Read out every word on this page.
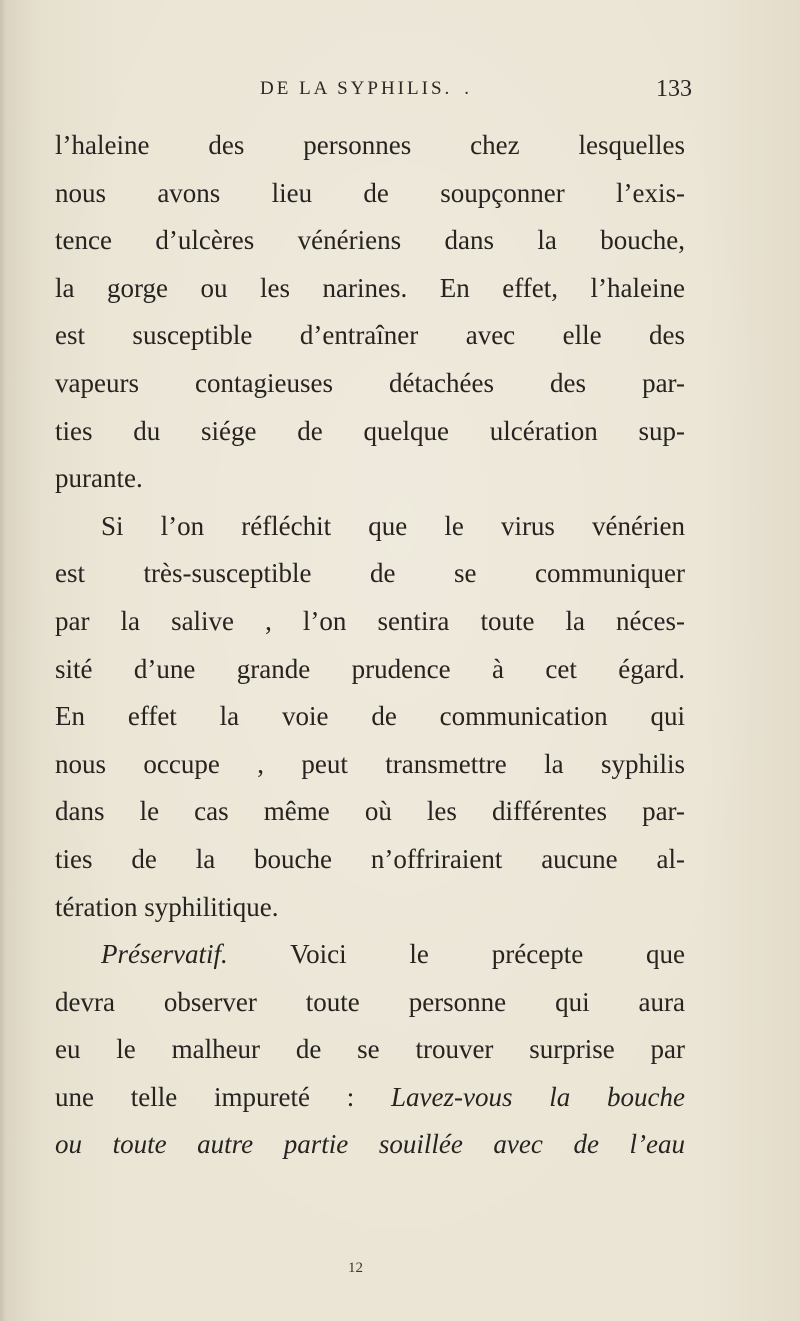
DE LA SYPHILIS. .	133
l’haleine des personnes chez lesquelles
nous avons lieu de soupçonner l’exis-
tence d’ulcères vénériens dans la bouche,
la gorge ou les narines. En effet, l’haleine
est susceptible d’entraîner avec elle des
vapeurs contagieuses détachées des par-
ties du siége de quelque ulcération sup-
purante.
Si l’on réfléchit que le virus vénérien
est très-susceptible de se communiquer
par la salive , l’on sentira toute la néces-
sité d’une grande prudence à cet égard.
En effet la voie de communication qui
nous occupe , peut transmettre la syphilis
dans le cas même où les différentes par-
ties de la bouche n’offriraient aucune al-
tération syphilitique.
Préservatif. Voici le précepte que
devra observer toute personne qui aura
eu le malheur de se trouver surprise par
une telle impureté : Lavez-vous la bouche
ou toute autre partie souillée avec de l’eau
12
